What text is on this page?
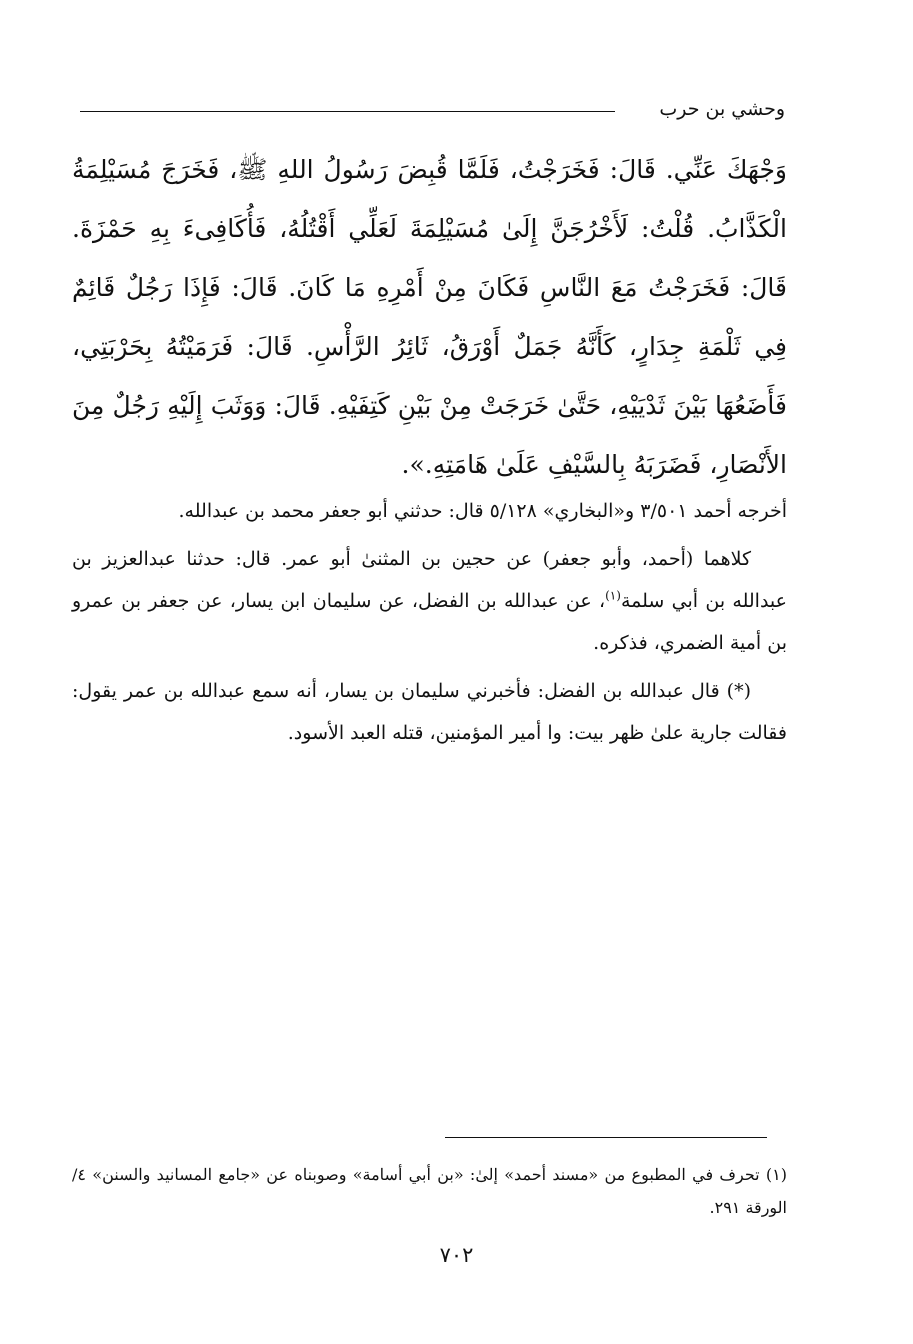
وحشي بن حرب

وَجْهَكَ عَنِّي. قَالَ: فَخَرَجْتُ، فَلَمَّا قُبِضَ رَسُولُ اللهِ ﷺ، فَخَرَجَ مُسَيْلِمَةُ الْكَذَّابُ. قُلْتُ: لَأَخْرُجَنَّ إِلَىٰ مُسَيْلِمَةَ لَعَلِّي أَقْتُلُهُ، فَأُكَافِىءَ بِهِ حَمْزَةَ. قَالَ: فَخَرَجْتُ مَعَ النَّاسِ فَكَانَ مِنْ أَمْرِهِ مَا كَانَ. قَالَ: فَإِذَا رَجُلٌ قَائِمٌ فِي ثَلْمَةِ جِدَارٍ، كَأَنَّهُ جَمَلٌ أَوْرَقُ، ثَائِرُ الرَّأْسِ. قَالَ: فَرَمَيْتُهُ بِحَرْبَتِي، فَأَضَعُهَا بَيْنَ ثَدْيَيْهِ، حَتَّىٰ خَرَجَتْ مِنْ بَيْنِ كَتِفَيْهِ. قَالَ: وَوَثَبَ إِلَيْهِ رَجُلٌ مِنَ الأَنْصَارِ، فَضَرَبَهُ بِالسَّيْفِ عَلَىٰ هَامَتِهِ.».

أخرجه أحمد ٣/٥٠١ و«البخاري» ٥/١٢٨ قال: حدثني أبو جعفر محمد بن عبدالله.

كلاهما (أحمد، وأبو جعفر) عن حجين بن المثنىٰ أبو عمر. قال: حدثنا عبدالعزيز بن عبدالله بن أبي سلمة$^{(١)}$، عن عبدالله بن الفضل، عن سليمان ابن يسار، عن جعفر بن عمرو بن أمية الضمري، فذكره.

(*) قال عبدالله بن الفضل: فأخبرني سليمان بن يسار، أنه سمع عبدالله بن عمر يقول: فقالت جارية علىٰ ظهر بيت: وا أمير المؤمنين، قتله العبد الأسود.

(١) تحرف في المطبوع من «مسند أحمد» إلىٰ: «بن أبي أسامة» وصوبناه عن «جامع المسانيد والسنن» ٤/الورقة ٢٩١.

٧٠٢
